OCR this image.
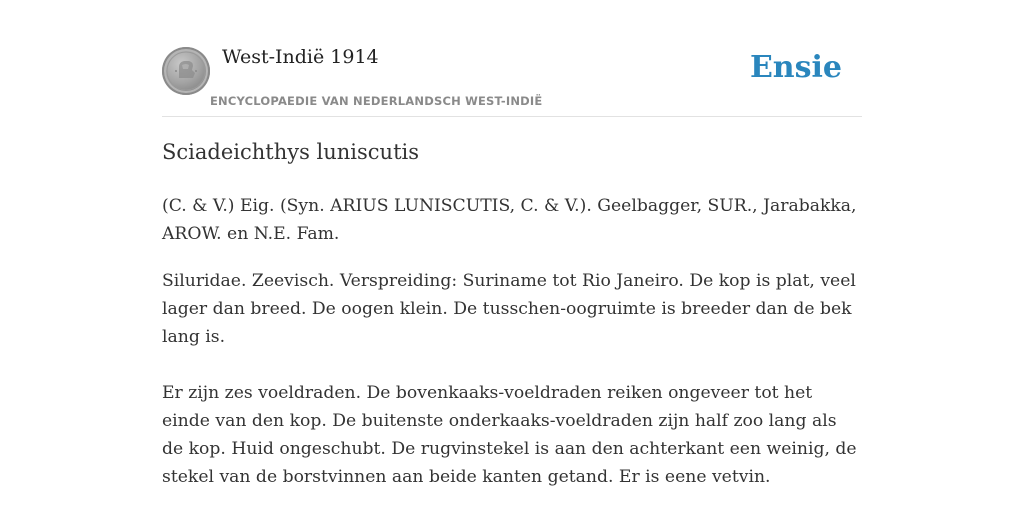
West-Indië 1914
ENCYCLOPAEDIE VAN NEDERLANDSCH WEST-INDIË
Ensie
Sciadeichthys luniscutis

(C. & V.) Eig. (Syn. ARIUS LUNISCUTIS, C. & V.). Geelbagger, SUR., Jarabakka, AROW. en N.E. Fam.

Siluridae. Zeevisch. Verspreiding: Suriname tot Rio Janeiro. De kop is plat, veel lager dan breed. De oogen klein. De tusschen-oogruimte is breeder dan de bek lang is.

Er zijn zes voeldraden. De bovenkaaks-voeldraden reiken ongeveer tot het einde van den kop. De buitenste onderkaaks-voeldraden zijn half zoo lang als de kop. Huid ongeschubt. De rugvinstekel is aan den achterkant een weinig, de stekel van de borstvinnen aan beide kanten getand. Er is eene vetvin.
